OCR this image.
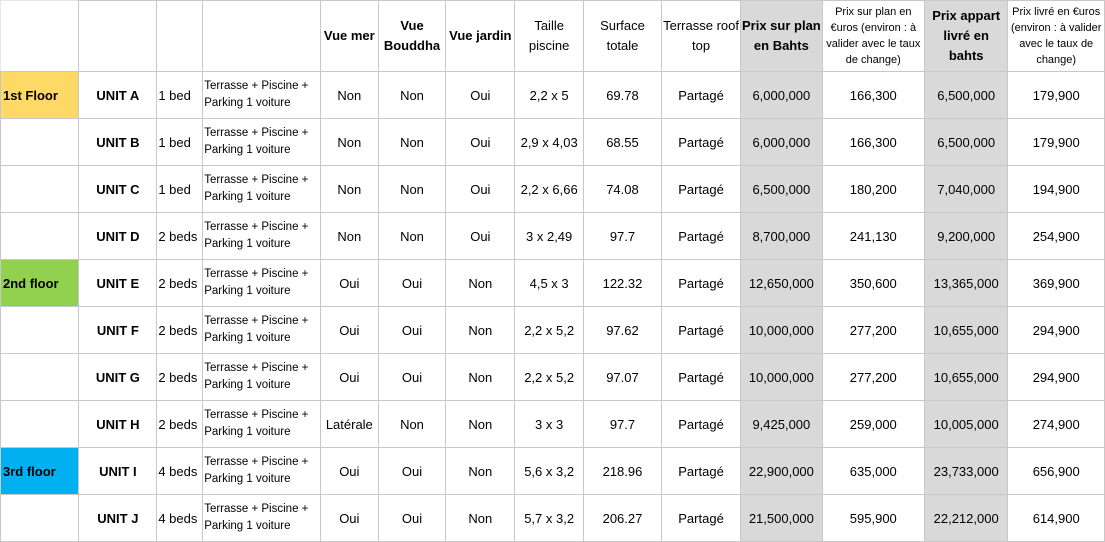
				Vue mer	Vue Bouddha	Vue jardin	Taille piscine	Surface totale	Terrasse roof top	Prix sur plan en Bahts	Prix sur plan en €uros (environ : à valider avec le taux de change)	Prix appart livré en bahts	Prix livré en €uros (environ : à valider avec le taux de change)
1st Floor	UNIT A	1 bed	Terrasse + Piscine + Parking 1 voiture	Non	Non	Oui	2,2 x 5	69.78	Partagé	6,000,000	166,300	6,500,000	179,900
	UNIT B	1 bed	Terrasse + Piscine + Parking 1 voiture	Non	Non	Oui	2,9 x 4,03	68.55	Partagé	6,000,000	166,300	6,500,000	179,900
	UNIT C	1 bed	Terrasse + Piscine + Parking 1 voiture	Non	Non	Oui	2,2 x 6,66	74.08	Partagé	6,500,000	180,200	7,040,000	194,900
	UNIT D	2 beds	Terrasse + Piscine + Parking 1 voiture	Non	Non	Oui	3 x 2,49	97.7	Partagé	8,700,000	241,130	9,200,000	254,900
2nd floor	UNIT E	2 beds	Terrasse + Piscine + Parking 1 voiture	Oui	Oui	Non	4,5 x 3	122.32	Partagé	12,650,000	350,600	13,365,000	369,900
	UNIT F	2 beds	Terrasse + Piscine + Parking 1 voiture	Oui	Oui	Non	2,2 x 5,2	97.62	Partagé	10,000,000	277,200	10,655,000	294,900
	UNIT G	2 beds	Terrasse + Piscine + Parking 1 voiture	Oui	Oui	Non	2,2 x 5,2	97.07	Partagé	10,000,000	277,200	10,655,000	294,900
	UNIT H	2 beds	Terrasse + Piscine + Parking 1 voiture	Latérale	Non	Non	3 x 3	97.7	Partagé	9,425,000	259,000	10,005,000	274,900
3rd floor	UNIT I	4 beds	Terrasse + Piscine + Parking 1 voiture	Oui	Oui	Non	5,6 x 3,2	218.96	Partagé	22,900,000	635,000	23,733,000	656,900
	UNIT J	4 beds	Terrasse + Piscine + Parking 1 voiture	Oui	Oui	Non	5,7 x 3,2	206.27	Partagé	21,500,000	595,900	22,212,000	614,900
